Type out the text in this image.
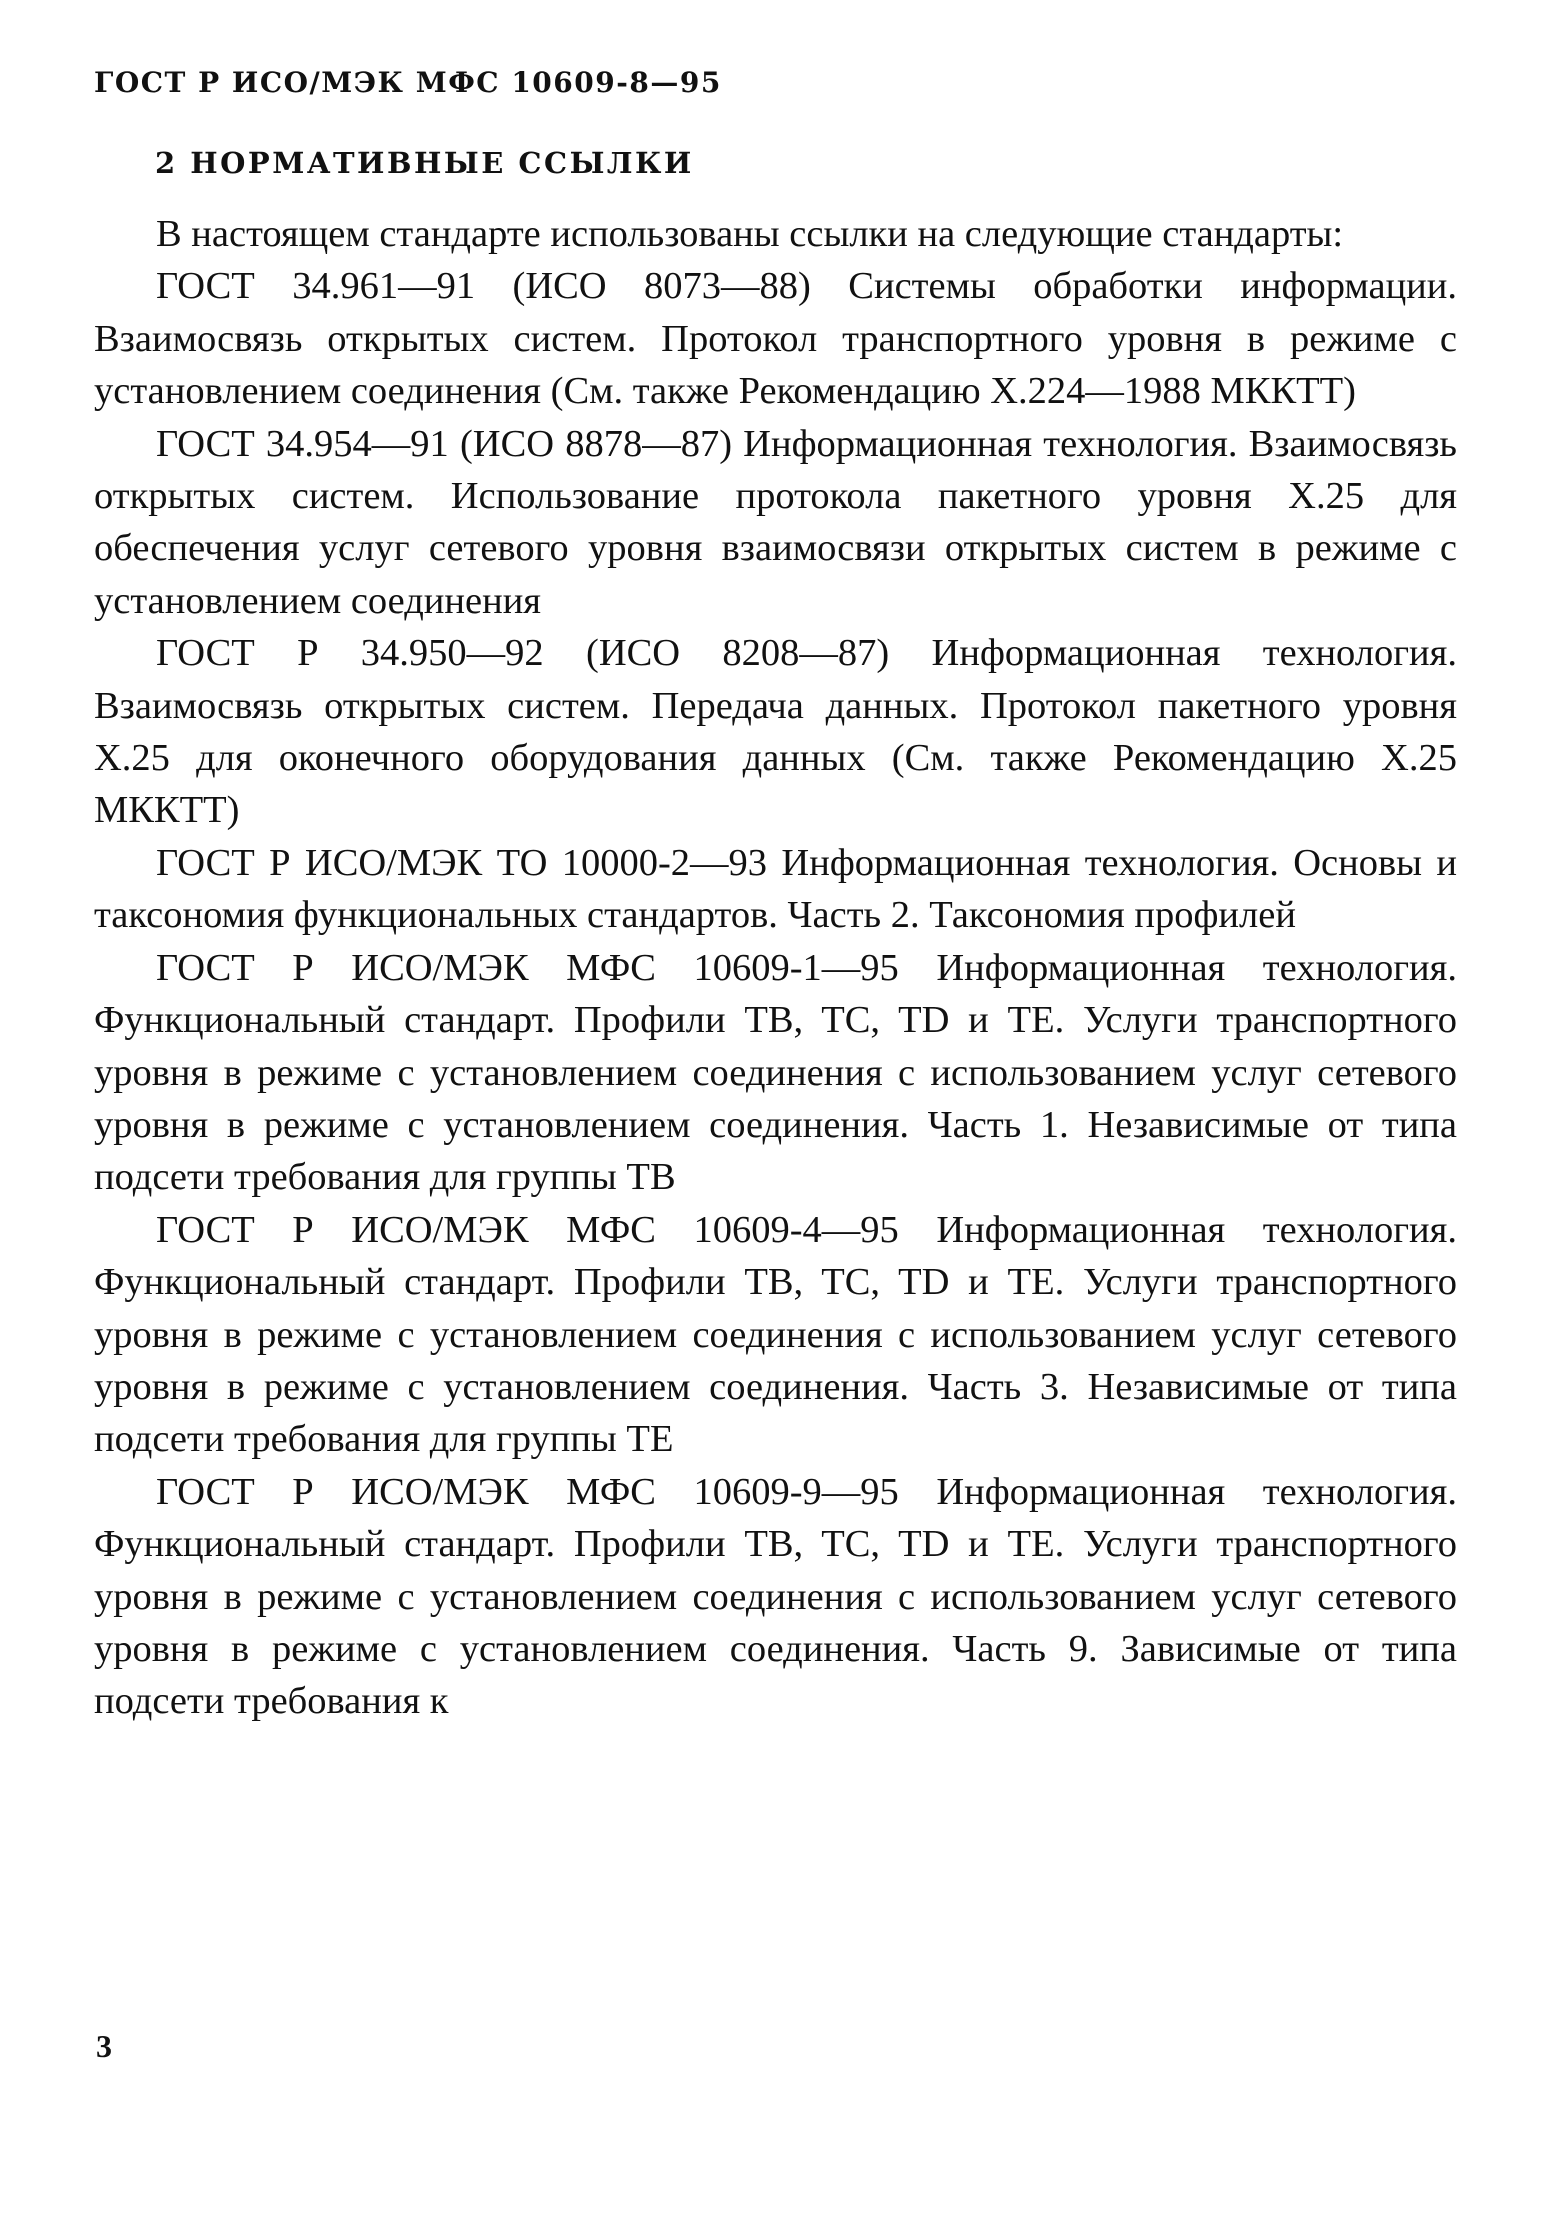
ГОСТ Р ИСО/МЭК МФС 10609-8—95
2 НОРМАТИВНЫЕ ССЫЛКИ

В настоящем стандарте использованы ссылки на следующие стандарты:

ГОСТ 34.961—91 (ИСО 8073—88) Системы обработки информации. Взаимосвязь открытых систем. Протокол транспортного уровня в режиме с установлением соединения (См. также Рекомендацию X.224—1988 МККТТ)

ГОСТ 34.954—91 (ИСО 8878—87) Информационная технология. Взаимосвязь открытых систем. Использование протокола пакетного уровня X.25 для обеспечения услуг сетевого уровня взаимосвязи открытых систем в режиме с установлением соединения

ГОСТ Р 34.950—92 (ИСО 8208—87) Информационная технология. Взаимосвязь открытых систем. Передача данных. Протокол пакетного уровня X.25 для оконечного оборудования данных (См. также Рекомендацию X.25 МККТТ)

ГОСТ Р ИСО/МЭК ТО 10000-2—93 Информационная технология. Основы и таксономия функциональных стандартов. Часть 2. Таксономия профилей

ГОСТ Р ИСО/МЭК МФС 10609-1—95 Информационная технология. Функциональный стандарт. Профили TB, TC, TD и TE. Услуги транспортного уровня в режиме с установлением соединения с использованием услуг сетевого уровня в режиме с установлением соединения. Часть 1. Независимые от типа подсети требования для группы ТВ

ГОСТ Р ИСО/МЭК МФС 10609-4—95 Информационная технология. Функциональный стандарт. Профили TB, TC, TD и TE. Услуги транспортного уровня в режиме с установлением соединения с использованием услуг сетевого уровня в режиме с установлением соединения. Часть 3. Независимые от типа подсети требования для группы ТЕ

ГОСТ Р ИСО/МЭК МФС 10609-9—95 Информационная технология. Функциональный стандарт. Профили TB, TC, TD и TE. Услуги транспортного уровня в режиме с установлением соединения с использованием услуг сетевого уровня в режиме с установлением соединения. Часть 9. Зависимые от типа подсети требования к

3
